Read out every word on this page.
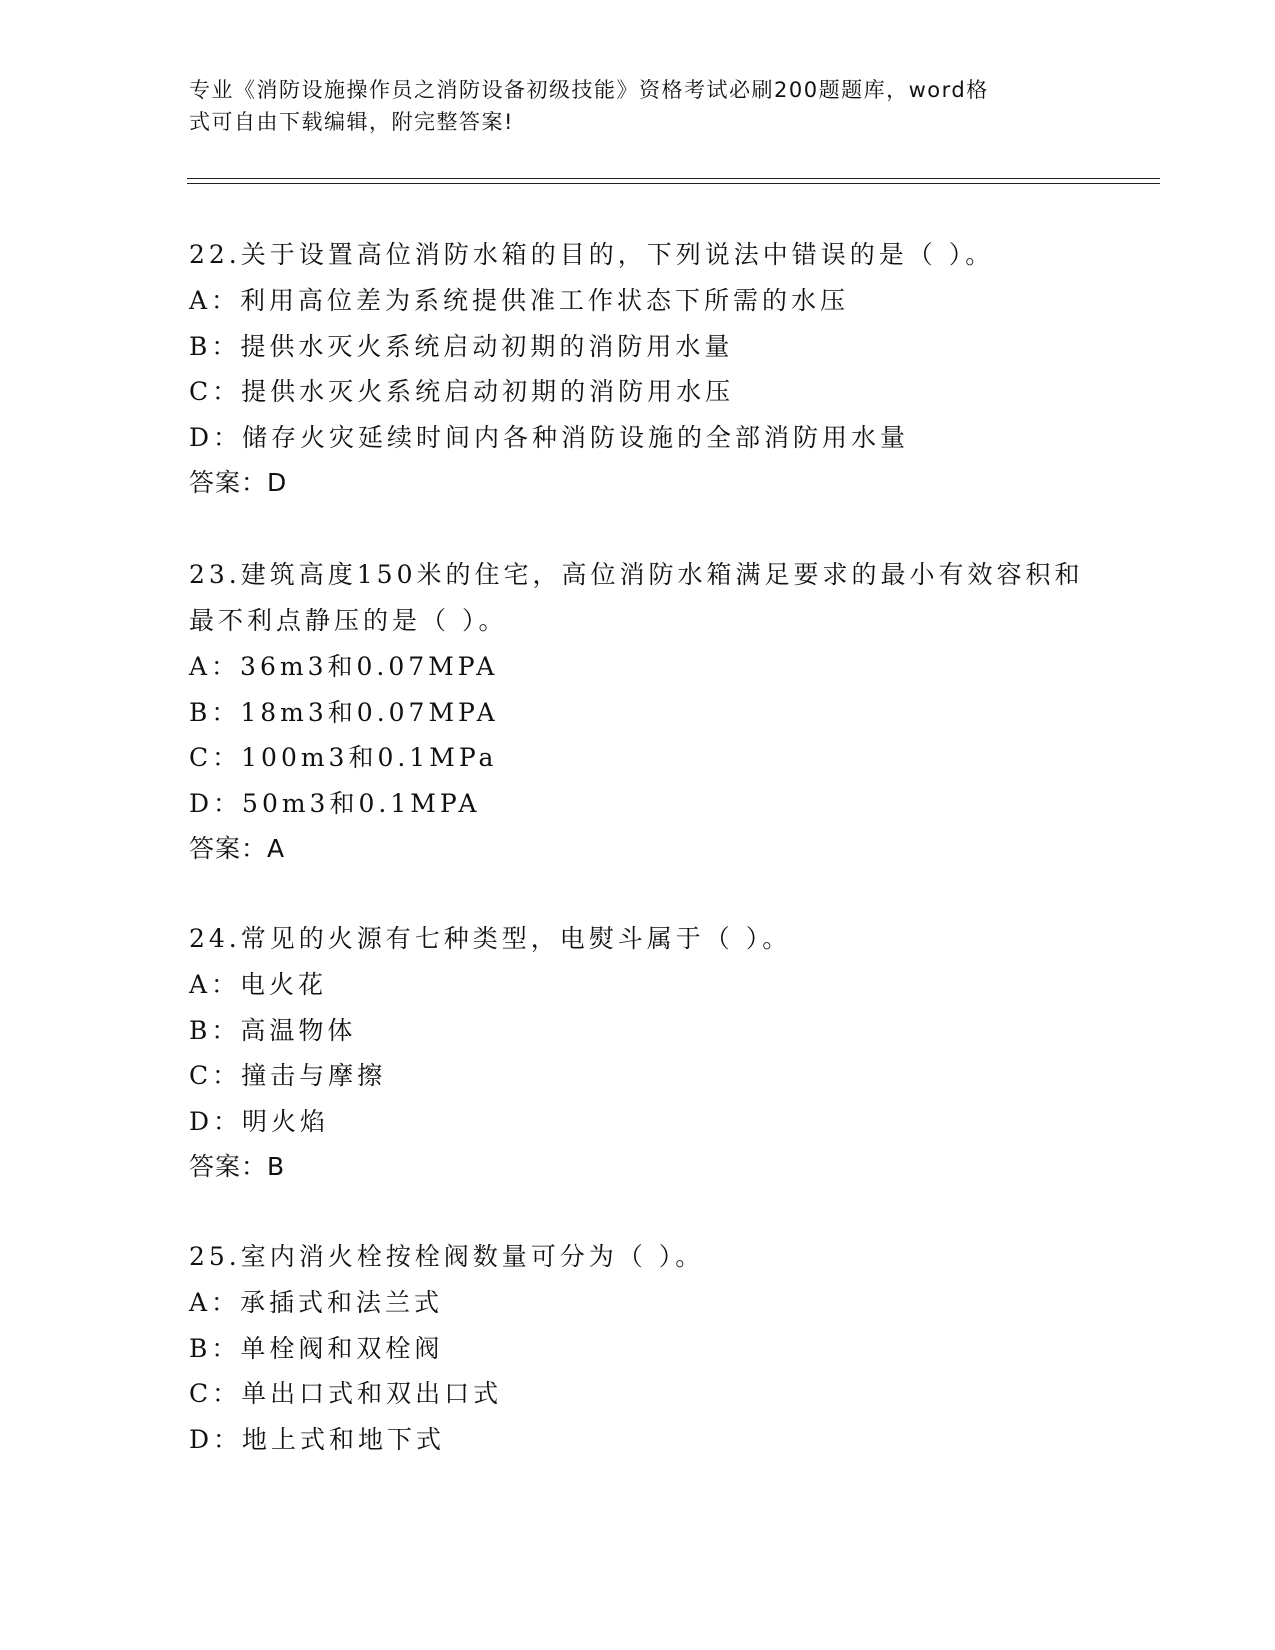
专业《消防设施操作员之消防设备初级技能》资格考试必刷200题题库，word格
式可自由下载编辑，附完整答案!
22.关于设置高位消防水箱的目的，下列说法中错误的是（ ）。
A：利用高位差为系统提供准工作状态下所需的水压
B：提供水灭火系统启动初期的消防用水量
C：提供水灭火系统启动初期的消防用水压
D：储存火灾延续时间内各种消防设施的全部消防用水量
答案：D
23.建筑高度150米的住宅，高位消防水箱满足要求的最小有效容积和
最不利点静压的是（ ）。
A：36m3和0.07MPA
B：18m3和0.07MPA
C：100m3和0.1MPa
D：50m3和0.1MPA
答案：A
24.常见的火源有七种类型，电熨斗属于（ ）。
A：电火花
B：高温物体
C：撞击与摩擦
D：明火焰
答案：B
25.室内消火栓按栓阀数量可分为（ ）。
A：承插式和法兰式
B：单栓阀和双栓阀
C：单出口式和双出口式
D：地上式和地下式
